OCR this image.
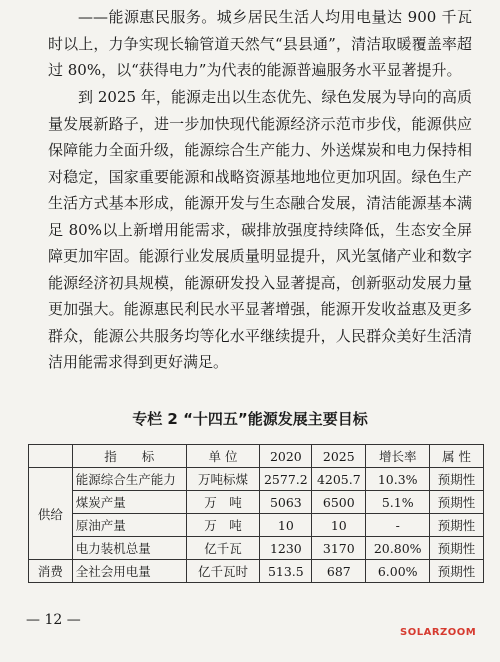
——能源惠民服务。城乡居民生活人均用电量达 900 千瓦时以上，力争实现长输管道天然气“县县通”，清洁取暖覆盖率超过 80%，以“获得电力”为代表的能源普遍服务水平显著提升。

到 2025 年，能源走出以生态优先、绿色发展为导向的高质量发展新路子，进一步加快现代能源经济示范市步伐，能源供应保障能力全面升级，能源综合生产能力、外送煤炭和电力保持相对稳定，国家重要能源和战略资源基地地位更加巩固。绿色生产生活方式基本形成，能源开发与生态融合发展，清洁能源基本满足 80%以上新增用能需求，碳排放强度持续降低，生态安全屏障更加牢固。能源行业发展质量明显提升，风光氢储产业和数字能源经济初具规模，能源研发投入显著提高，创新驱动发展力量更加强大。能源惠民利民水平显著增强，能源开发收益惠及更多群众，能源公共服务均等化水平继续提升，人民群众美好生活清洁用能需求得到更好满足。

专栏 2 “十四五”能源发展主要目标
	指　　标	单 位	2020	2025	增长率	属 性
供给	能源综合生产能力	万吨标煤	2577.2	4205.7	10.3%	预期性
	煤炭产量	万　吨	5063	6500	5.1%	预期性
	原油产量	万　吨	10	10	-	预期性
	电力装机总量	亿千瓦	1230	3170	20.80%	预期性
消费	全社会用电量	亿千瓦时	513.5	687	6.00%	预期性
— 12 —
SOLARZOOM
